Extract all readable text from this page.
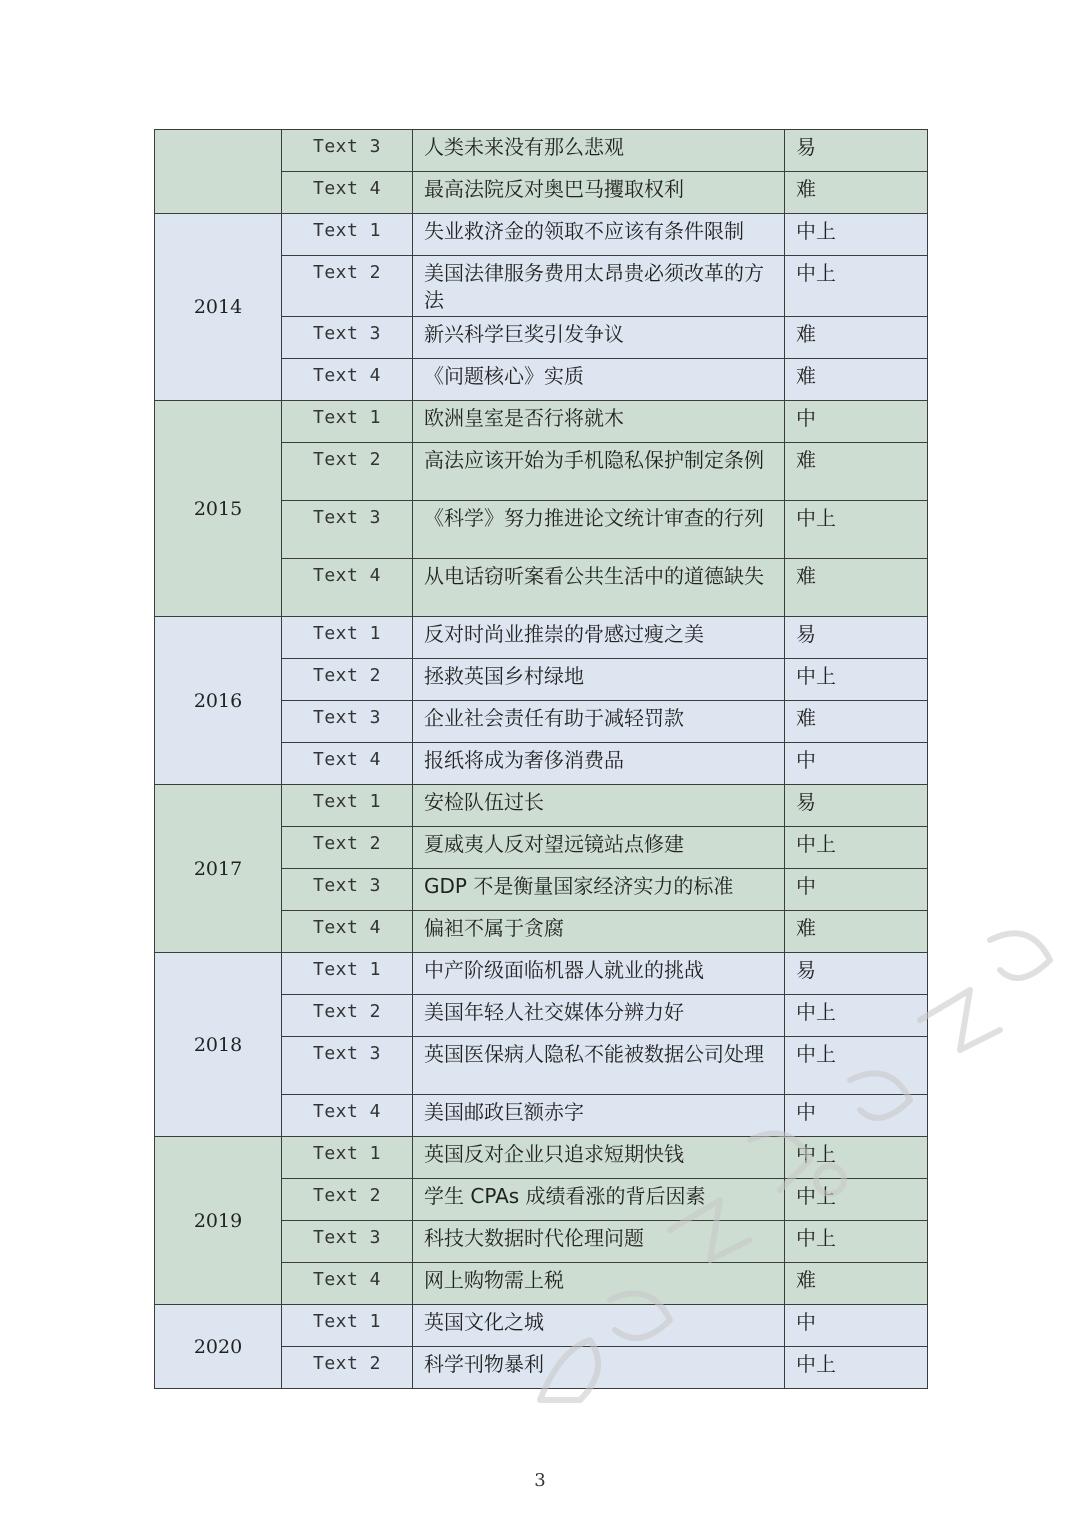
	Text 3	人类未来没有那么悲观	易
	Text 4	最高法院反对奥巴马攫取权利	难
2014	Text 1	失业救济金的领取不应该有条件限制	中上
	Text 2	美国法律服务费用太昂贵必须改革的方法	中上
	Text 3	新兴科学巨奖引发争议	难
	Text 4	《问题核心》实质	难
2015	Text 1	欧洲皇室是否行将就木	中
	Text 2	高法应该开始为手机隐私保护制定条例	难
	Text 3	《科学》努力推进论文统计审查的行列	中上
	Text 4	从电话窃听案看公共生活中的道德缺失	难
2016	Text 1	反对时尚业推崇的骨感过瘦之美	易
	Text 2	拯救英国乡村绿地	中上
	Text 3	企业社会责任有助于减轻罚款	难
	Text 4	报纸将成为奢侈消费品	中
2017	Text 1	安检队伍过长	易
	Text 2	夏威夷人反对望远镜站点修建	中上
	Text 3	GDP 不是衡量国家经济实力的标准	中
	Text 4	偏袒不属于贪腐	难
2018	Text 1	中产阶级面临机器人就业的挑战	易
	Text 2	美国年轻人社交媒体分辨力好	中上
	Text 3	英国医保病人隐私不能被数据公司处理	中上
	Text 4	美国邮政巨额赤字	中
2019	Text 1	英国反对企业只追求短期快钱	中上
	Text 2	学生 CPAs 成绩看涨的背后因素	中上
	Text 3	科技大数据时代伦理问题	中上
	Text 4	网上购物需上税	难
2020	Text 1	英国文化之城	中
	Text 2	科学刊物暴利	中上
3
